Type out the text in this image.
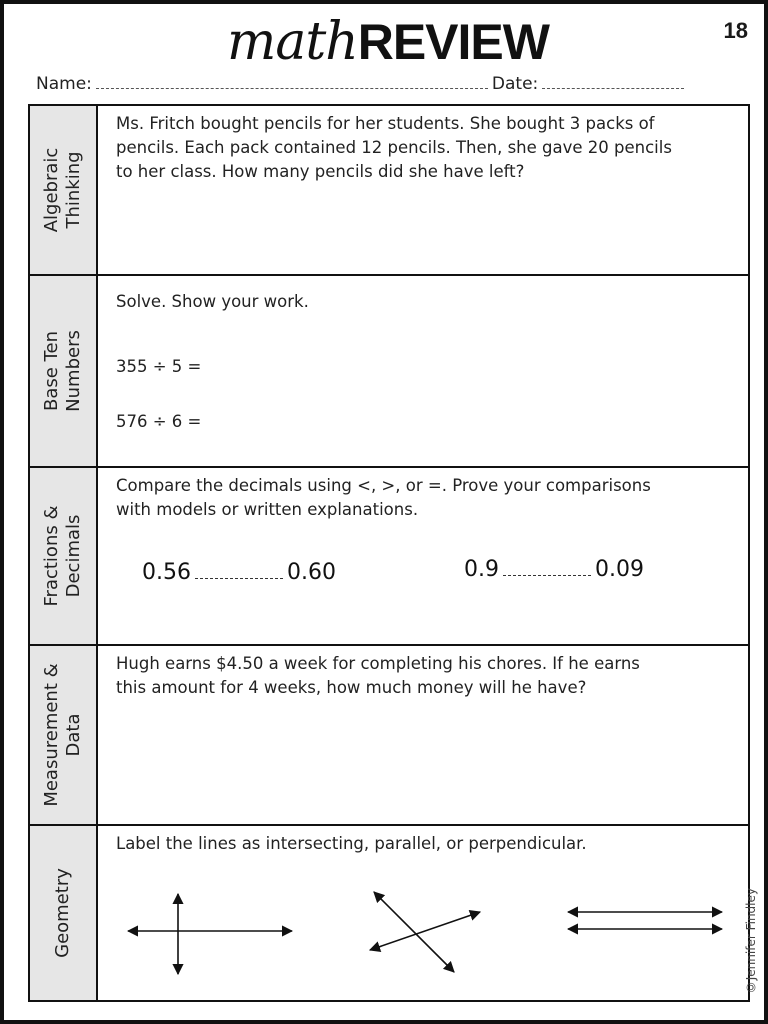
mathREVIEW	18
Name:	Date:
Algebraic Thinking
Ms. Fritch bought pencils for her students. She bought 3 packs of
pencils. Each pack contained 12 pencils. Then, she gave 20 pencils
to her class. How many pencils did she have left?
Base Ten Numbers
Solve. Show your work.
355 ÷ 5 =
576 ÷ 6 =
Fractions & Decimals
Compare the decimals using <, >, or =. Prove your comparisons
with models or written explanations.
0.56	0.60	0.9	0.09
Measurement & Data
Hugh earns $4.50 a week for completing his chores. If he earns
this amount for 4 weeks, how much money will he have?
Geometry
Label the lines as intersecting, parallel, or perpendicular.
©Jennifer Findley
